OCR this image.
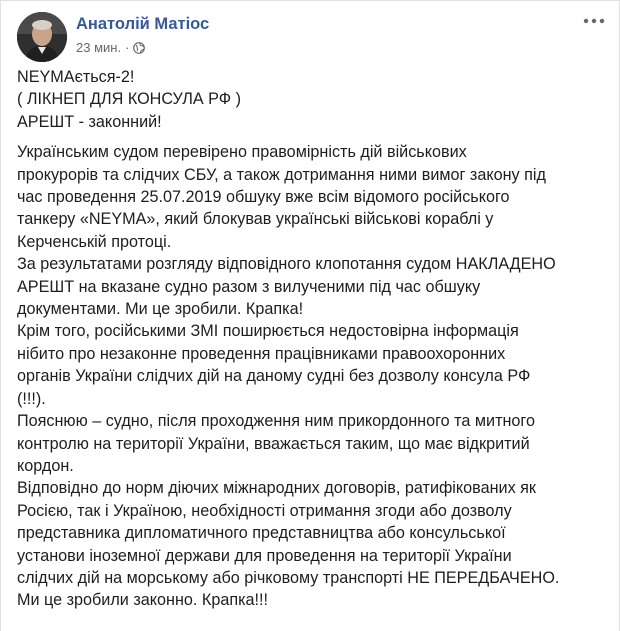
Анатолій Матіос
23 мин. ·

NEYMAється-2!

( ЛІКНЕП ДЛЯ КОНСУЛА РФ )

АРЕШТ - законний!

Українським судом перевірено правомірність дій військових

прокурорів та слідчих СБУ, а також дотримання ними вимог закону під

час проведення 25.07.2019 обшуку вже всім відомого російського

танкеру «NEYMA», який блокував українські військові кораблі у

Керченській протоці.

За результатами розгляду відповідного клопотання судом НАКЛАДЕНО

АРЕШТ на вказане судно разом з вилученими під час обшуку

документами. Ми це зробили. Крапка!

Крім того, російськими ЗМІ поширюється недостовірна інформація

нібито про незаконне проведення працівниками правоохоронних

органів України слідчих дій на даному судні без дозволу консула РФ

(!!!).

Пояснюю – судно, після проходження ним прикордонного та митного

контролю на території України, вважається таким, що має відкритий

кордон.

Відповідно до норм діючих міжнародних договорів, ратифікованих як

Росією, так і Україною, необхідності отримання згоди або дозволу

представника дипломатичного представництва або консульської

установи іноземної держави для проведення на території України

слідчих дій на морському або річковому транспорті НЕ ПЕРЕДБАЧЕНО.

Ми це зробили законно. Крапка!!!
